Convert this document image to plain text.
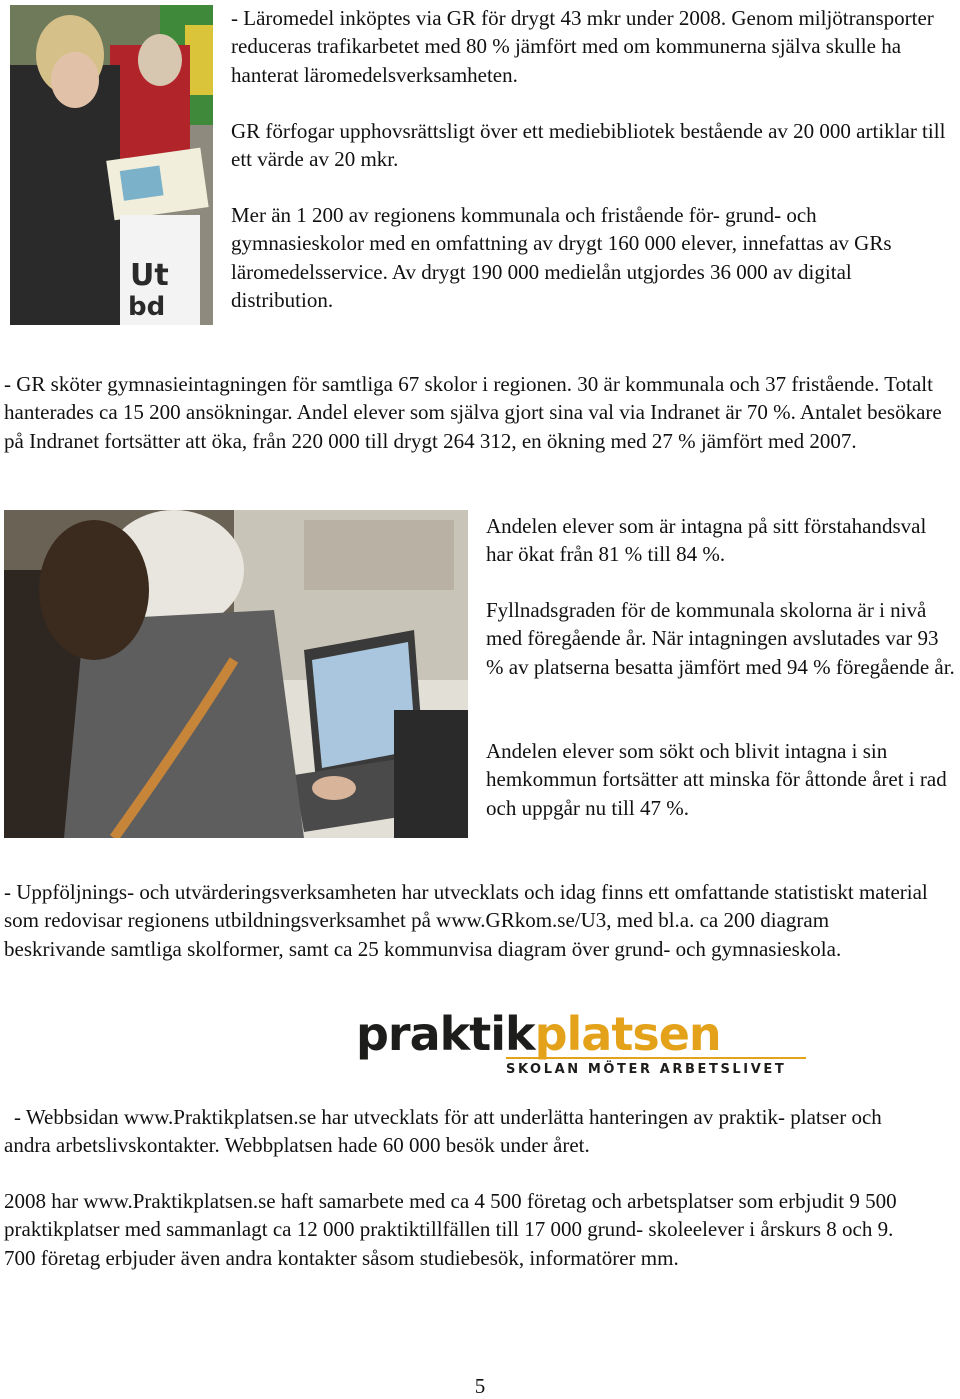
Ut
bd

- Läromedel inköptes via GR för drygt 43 mkr under 2008. Genom miljötransporter reduceras trafikarbetet med 80 % jämfört med om kommunerna själva skulle ha hanterat läromedelsverksamheten.

GR förfogar upphovsrättsligt över ett mediebibliotek bestående av 20 000 artiklar till ett värde av 20 mkr.

Mer än 1 200 av regionens kommunala och fristående för- grund- och gymnasieskolor med en omfattning av drygt 160 000 elever, innefattas av GRs läromedelsservice. Av drygt 190 000 medielån utgjordes 36 000 av digital distribution.

- GR sköter gymnasieintagningen för samtliga 67 skolor i regionen. 30 är kommunala och 37 fristående. Totalt hanterades ca 15 200 ansökningar. Andel elever som själva gjort sina val via Indranet är 70 %. Antalet besökare på Indranet fortsätter att öka, från 220 000 till drygt 264 312, en ökning med 27 % jämfört med 2007.

Andelen elever som är intagna på sitt förstahandsval har ökat från 81 % till 84 %.

Fyllnadsgraden för de kommunala skolorna är i nivå med föregående år. När intagningen avslutades var 93 % av platserna besatta jämfört med 94 % föregående år.

Andelen elever som sökt och blivit intagna i sin hemkommun fortsätter att minska för åttonde året i rad och uppgår nu till 47 %.

- Uppföljnings- och utvärderingsverksamheten har utvecklats och idag finns ett omfattande statistiskt material som redovisar regionens utbildningsverksamhet på www.GRkom.se/U3, med bl.a. ca 200 diagram beskrivande samtliga skolformer, samt ca 25 kommunvisa diagram över grund- och gymnasieskola.

praktikplatsen
SKOLAN MÖTER ARBETSLIVET

- Webbsidan www.Praktikplatsen.se har utvecklats för att underlätta hanteringen av praktik- platser och andra arbetslivskontakter. Webbplatsen hade 60 000 besök under året.

2008 har www.Praktikplatsen.se haft samarbete med ca 4 500 företag och arbetsplatser som erbjudit 9 500 praktikplatser med sammanlagt ca 12 000 praktiktillfällen till 17 000 grund- skoleelever i årskurs 8 och 9. 700 företag erbjuder även andra kontakter såsom studiebesök, informatörer mm.

5
